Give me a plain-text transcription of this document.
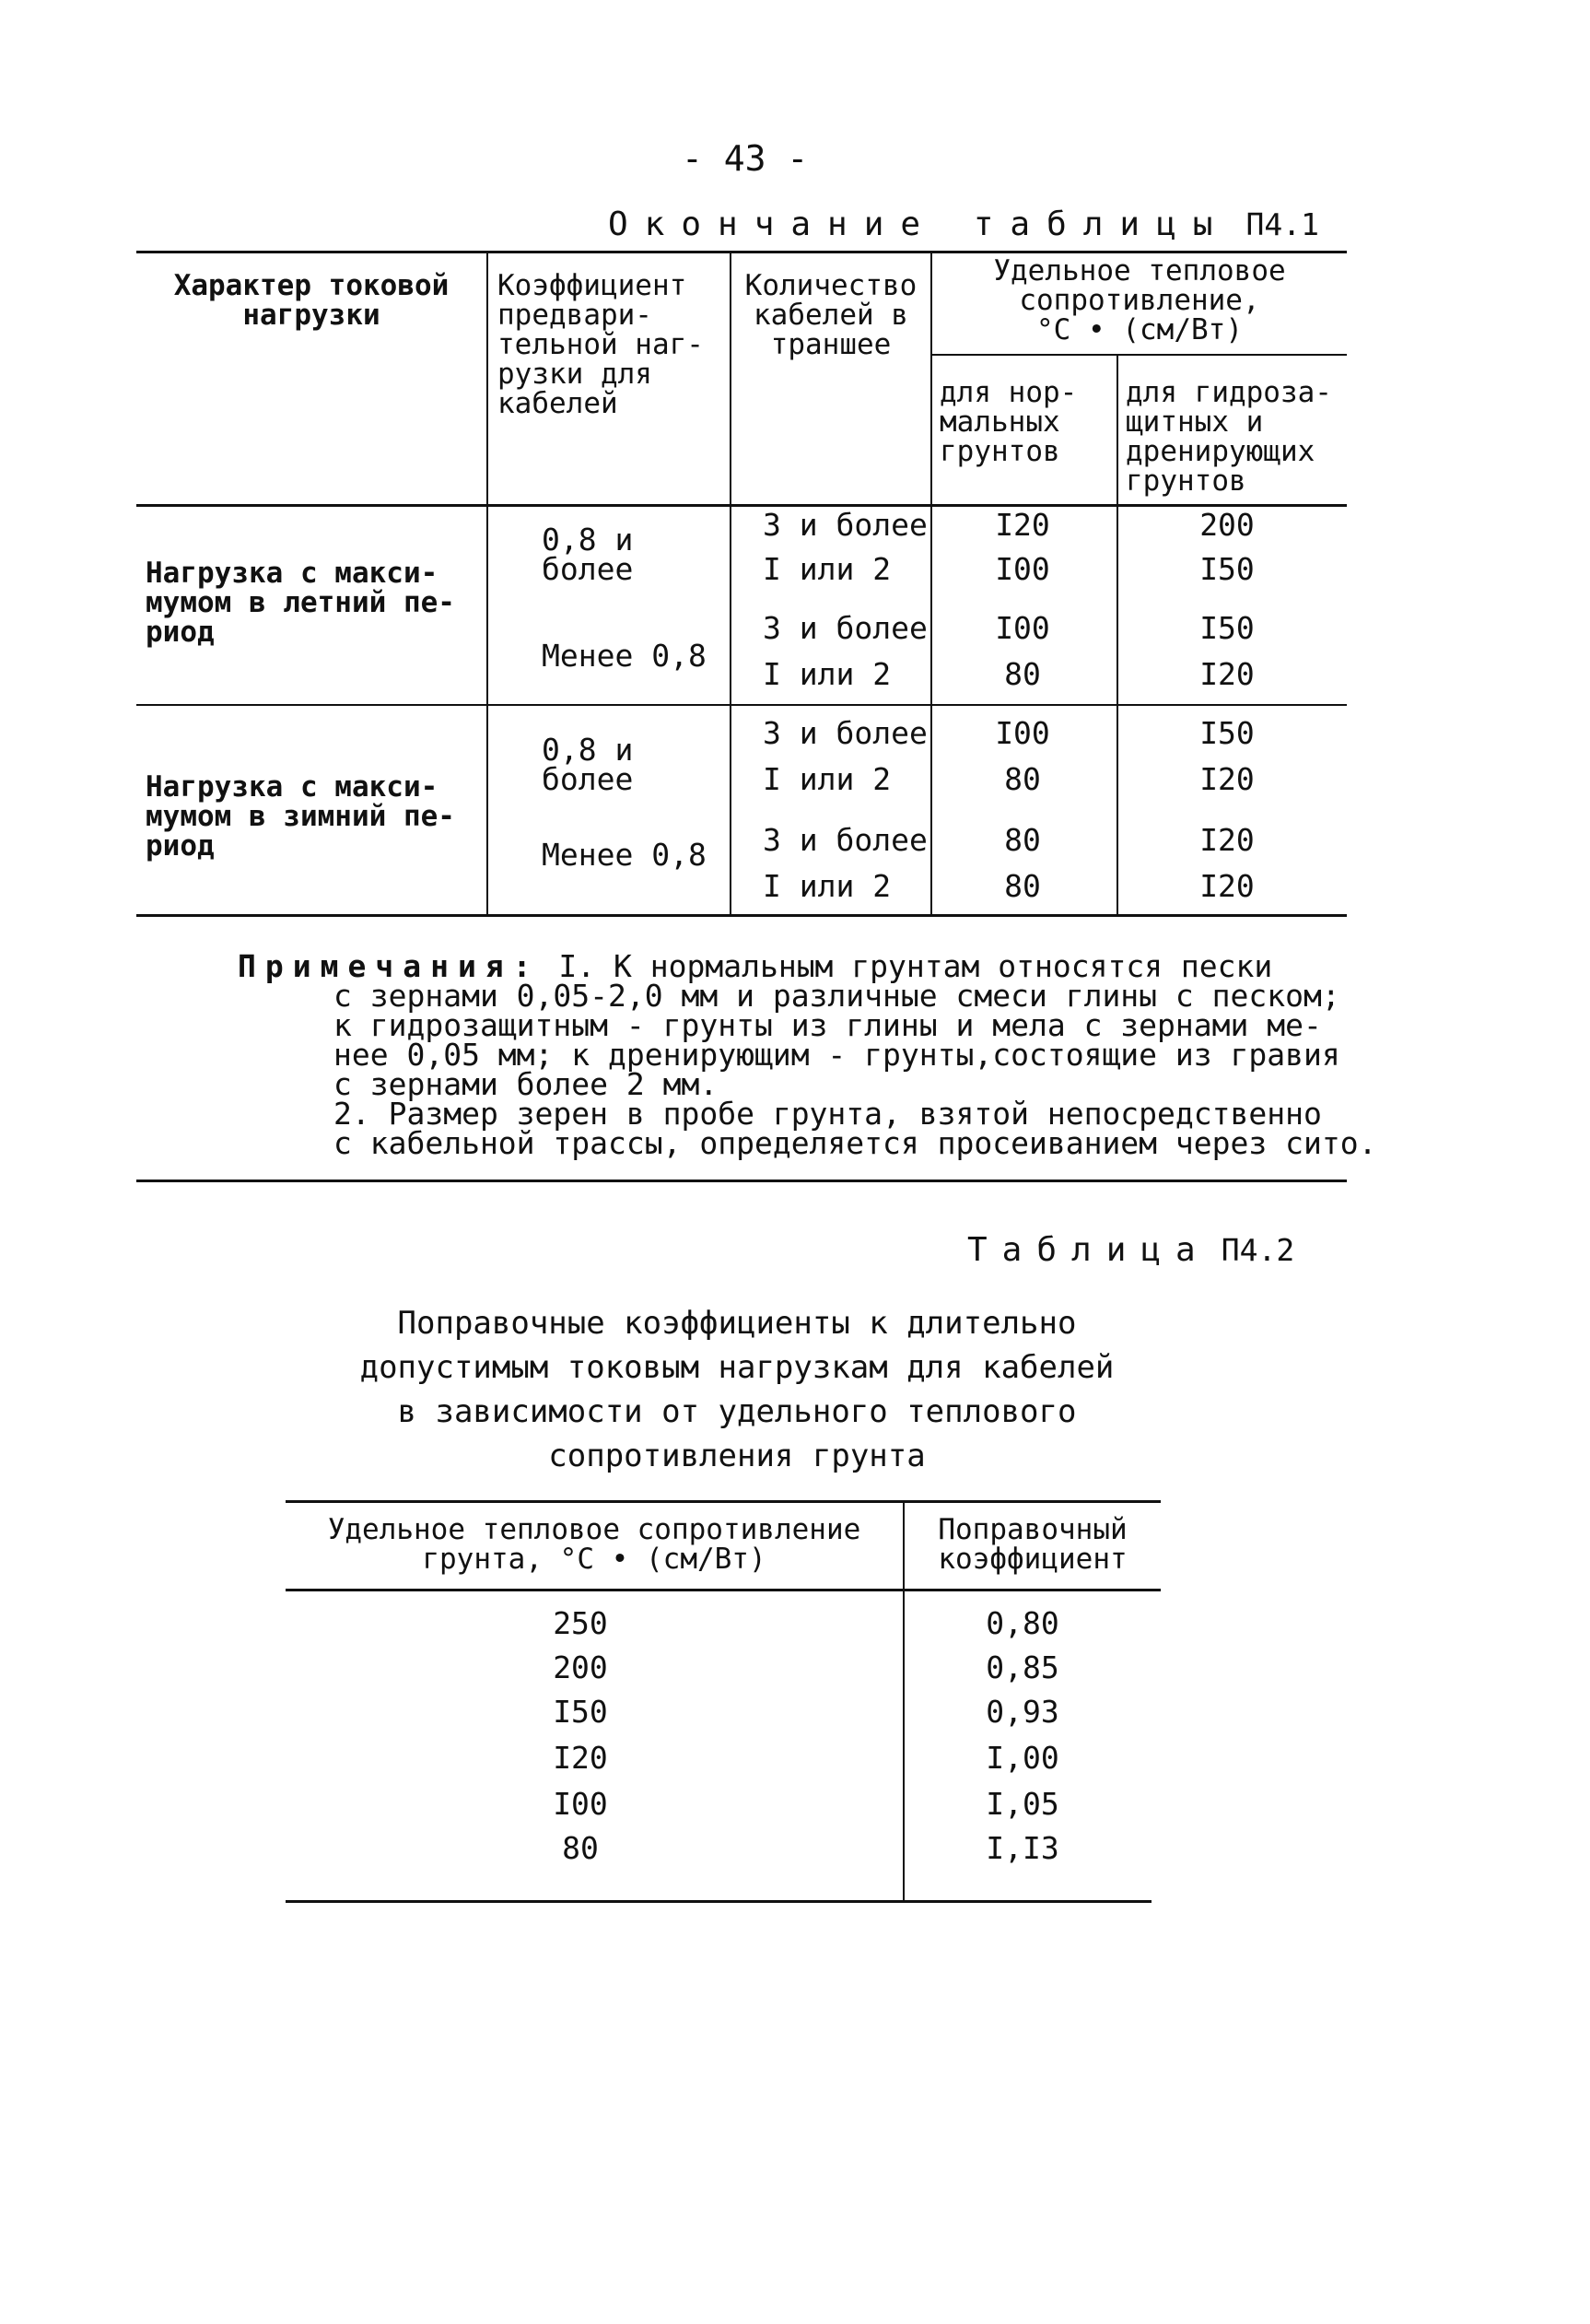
- 43 -
Окончание таблицы П4.1
Характер токовой
нагрузки
Коэффициент
предвари-
тельной наг-
рузки для
кабелей
Количество
кабелей в
траншее
Удельное тепловое
сопротивление,
°С • (см/Вт)
для нор-
мальных
грунтов
для гидроза-
щитных и
дренирующих
грунтов
Нагрузка с макси-
мумом в летний пе-
риод
0,8 и
более
Менее 0,8
3 и более
I или 2
3 и более
I или 2
I20
I00
I00
80
200
I50
I50
I20
Нагрузка с макси-
мумом в зимний пе-
риод
0,8 и
более
Менее 0,8
3 и более
I или 2
3 и более
I или 2
I00
80
80
80
I50
I20
I20
I20
Примечания: I. К нормальным грунтам относятся пески
с зернами 0,05-2,0 мм и различные смеси глины с песком;
к гидрозащитным - грунты из глины и мела с зернами ме-
нее 0,05 мм; к дренирующим - грунты,состоящие из гравия
с зернами более 2 мм.
2. Размер зерен в пробе грунта, взятой непосредственно
с кабельной трассы, определяется просеиванием через сито.
Таблица П4.2
Поправочные коэффициенты к длительно
допустимым токовым нагрузкам для кабелей
в зависимости от удельного теплового
сопротивления грунта
Удельное тепловое сопротивление
грунта, °С • (см/Вт)
Поправочный
коэффициент
250
200
I50
I20
I00
80
0,80
0,85
0,93
I,00
I,05
I,I3
